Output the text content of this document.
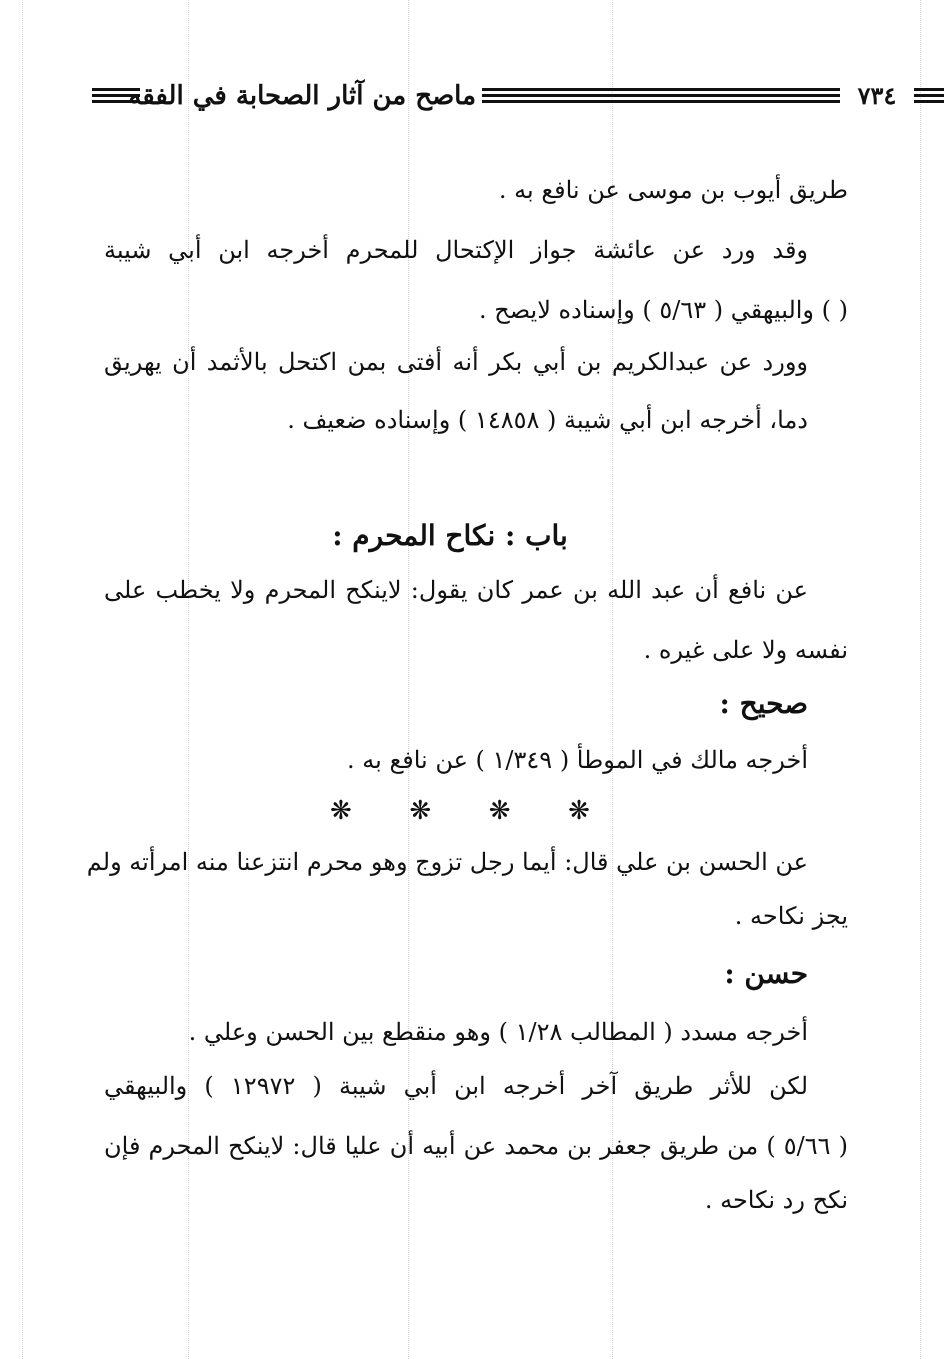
ماصح من آثار الصحابة في الفقه	٧٣٤
طريق أيوب بن موسى عن نافع به .
وقد ورد عن عائشة جواز الإكتحال للمحرم أخرجه ابن أبي شيبة
( ) والبيهقي ( ٥/٦٣ ) وإسناده لايصح .
وورد عن عبدالكريم بن أبي بكر أنه أفتى بمن اكتحل بالأثمد أن يهريق
دما، أخرجه ابن أبي شيبة ( ١٤٨٥٨ ) وإسناده ضعيف .
باب : نكاح المحرم :
عن نافع أن عبد الله بن عمر كان يقول: لاينكح المحرم ولا يخطب على
نفسه ولا على غيره .
صحيح :
أخرجه مالك في الموطأ ( ١/٣٤٩ ) عن نافع به .
❋ ❋ ❋ ❋
عن الحسن بن علي قال: أيما رجل تزوج وهو محرم انتزعنا منه امرأته ولم
يجز نكاحه .
حسن :
أخرجه مسدد ( المطالب ١/٢٨ ) وهو منقطع بين الحسن وعلي .
لكن للأثر طريق آخر أخرجه ابن أبي شيبة ( ١٢٩٧٢ ) والبيهقي
( ٥/٦٦ ) من طريق جعفر بن محمد عن أبيه أن عليا قال: لاينكح المحرم فإن
نكح رد نكاحه .
